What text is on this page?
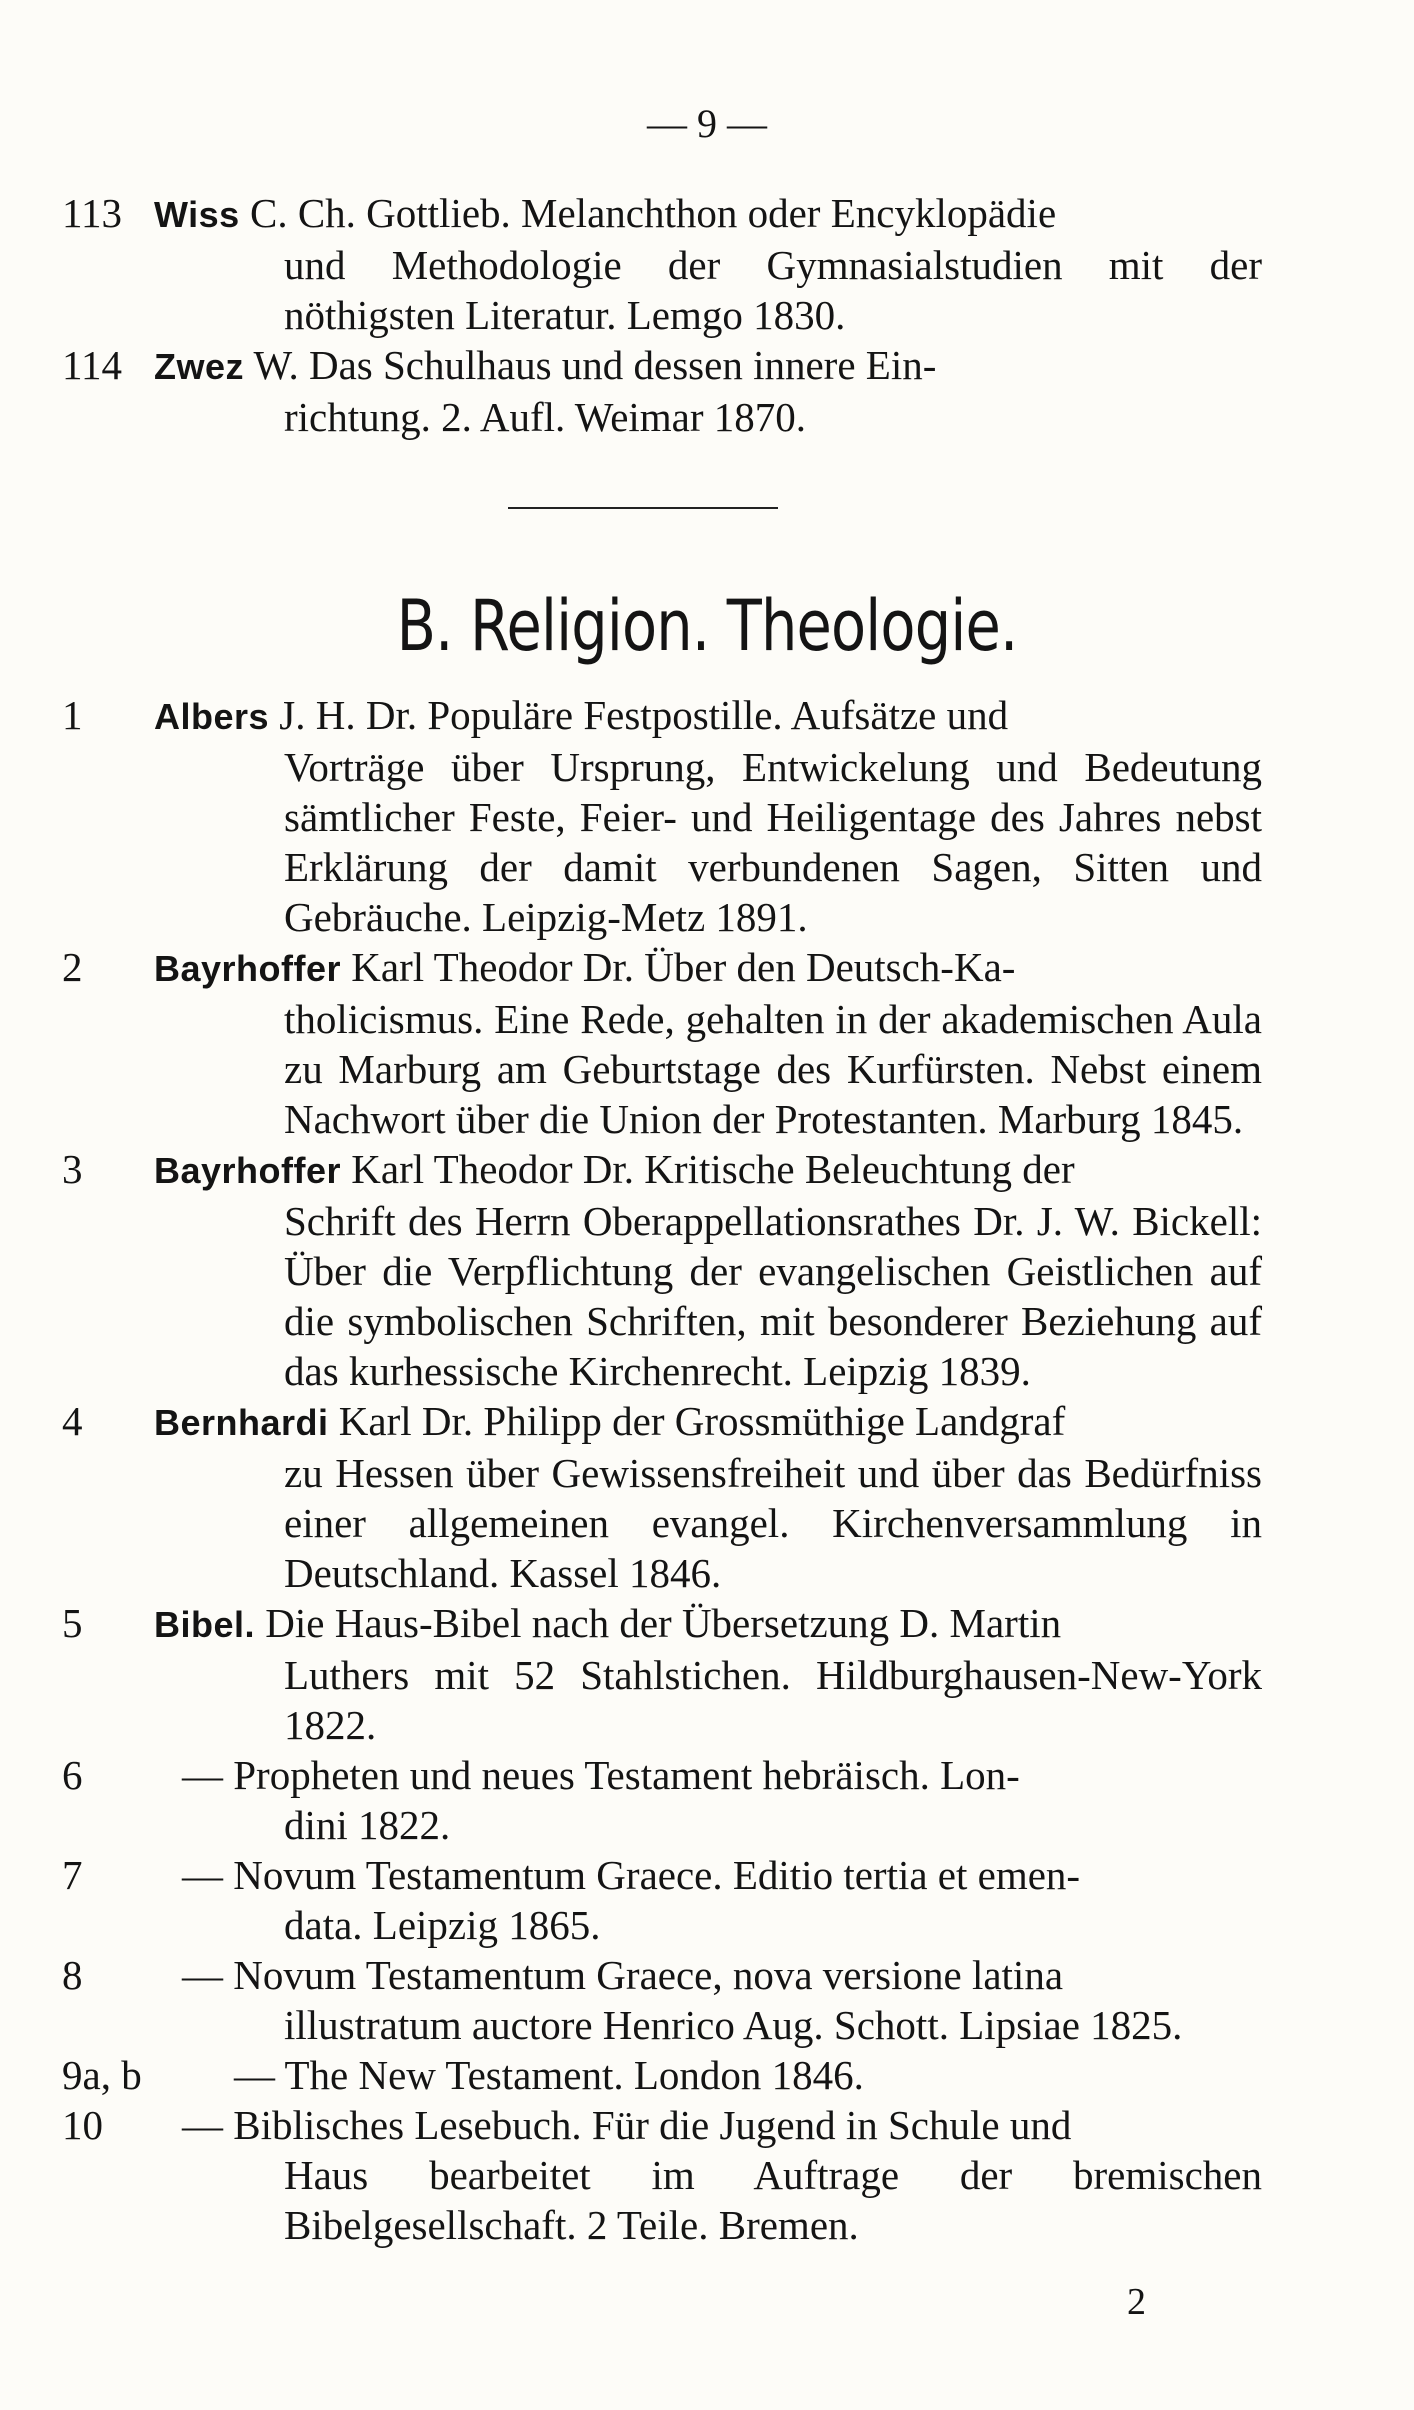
— 9 —
113 Wiss C. Ch. Gottlieb. Melanchthon oder Encyklopädie
und Methodologie der Gymnasialstudien mit der nöthigsten Literatur. Lemgo 1830.
114 Zwez W. Das Schulhaus und dessen innere Ein-
richtung. 2. Aufl. Weimar 1870.
B. Religion. Theologie.
1	Albers J. H. Dr. Populäre Festpostille. Aufsätze und
Vorträge über Ursprung, Entwickelung und Bedeutung sämtlicher Feste, Feier- und Heiligentage des Jahres nebst Erklärung der damit verbundenen Sagen, Sitten und Gebräuche. Leipzig-Metz 1891.
2	Bayrhoffer Karl Theodor Dr. Über den Deutsch-Ka-
tholicismus. Eine Rede, gehalten in der akademischen Aula zu Marburg am Geburtstage des Kurfürsten. Nebst einem Nachwort über die Union der Protestanten. Marburg 1845.
3	Bayrhoffer Karl Theodor Dr. Kritische Beleuchtung der
Schrift des Herrn Oberappellationsrathes Dr. J. W. Bickell: Über die Verpflichtung der evangelischen Geistlichen auf die symbolischen Schriften, mit besonderer Beziehung auf das kurhessische Kirchenrecht. Leipzig 1839.
4	Bernhardi Karl Dr. Philipp der Grossmüthige Landgraf
zu Hessen über Gewissensfreiheit und über das Bedürfniss einer allgemeinen evangel. Kirchenversammlung in Deutschland. Kassel 1846.
5	Bibel. Die Haus-Bibel nach der Übersetzung D. Martin
Luthers mit 52 Stahlstichen. Hildburghausen-New-York 1822.
6	— Propheten und neues Testament hebräisch. Lon-
dini 1822.
7	— Novum Testamentum Graece. Editio tertia et emen-
data. Leipzig 1865.
8	— Novum Testamentum Graece, nova versione latina
illustratum auctore Henrico Aug. Schott. Lipsiae 1825.
9a, b	— The New Testament. London 1846.
10	— Biblisches Lesebuch. Für die Jugend in Schule und
Haus bearbeitet im Auftrage der bremischen Bibelgesellschaft. 2 Teile. Bremen.
2
